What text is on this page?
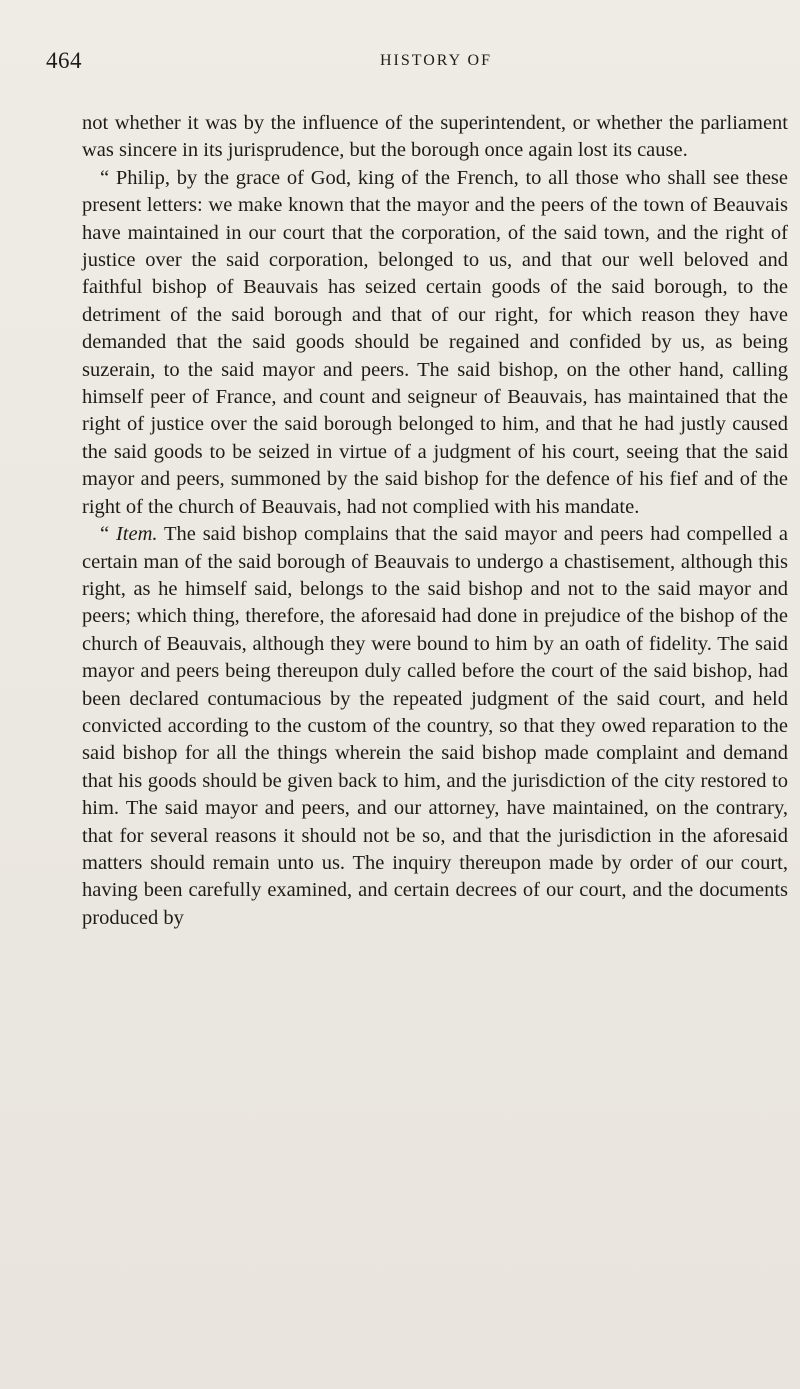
464	HISTORY OF

not whether it was by the influence of the superintendent, or whether the parliament was sincere in its jurisprudence, but the borough once again lost its cause.

“ Philip, by the grace of God, king of the French, to all those who shall see these present letters: we make known that the mayor and the peers of the town of Beauvais have maintained in our court that the corporation, of the said town, and the right of justice over the said corporation, belonged to us, and that our well beloved and faithful bishop of Beauvais has seized certain goods of the said borough, to the detriment of the said borough and that of our right, for which reason they have demanded that the said goods should be regained and confided by us, as being suzerain, to the said mayor and peers. The said bishop, on the other hand, calling himself peer of France, and count and seigneur of Beauvais, has maintained that the right of justice over the said borough belonged to him, and that he had justly caused the said goods to be seized in virtue of a judgment of his court, seeing that the said mayor and peers, summoned by the said bishop for the defence of his fief and of the right of the church of Beauvais, had not complied with his mandate.

“ Item. The said bishop complains that the said mayor and peers had compelled a certain man of the said borough of Beauvais to undergo a chastisement, although this right, as he himself said, belongs to the said bishop and not to the said mayor and peers; which thing, therefore, the aforesaid had done in prejudice of the bishop of the church of Beauvais, although they were bound to him by an oath of fidelity. The said mayor and peers being thereupon duly called before the court of the said bishop, had been declared contumacious by the repeated judgment of the said court, and held convicted according to the custom of the country, so that they owed reparation to the said bishop for all the things wherein the said bishop made complaint and demand that his goods should be given back to him, and the jurisdiction of the city restored to him. The said mayor and peers, and our attorney, have maintained, on the contrary, that for several reasons it should not be so, and that the jurisdiction in the aforesaid matters should remain unto us. The inquiry thereupon made by order of our court, having been carefully examined, and certain decrees of our court, and the documents produced by
